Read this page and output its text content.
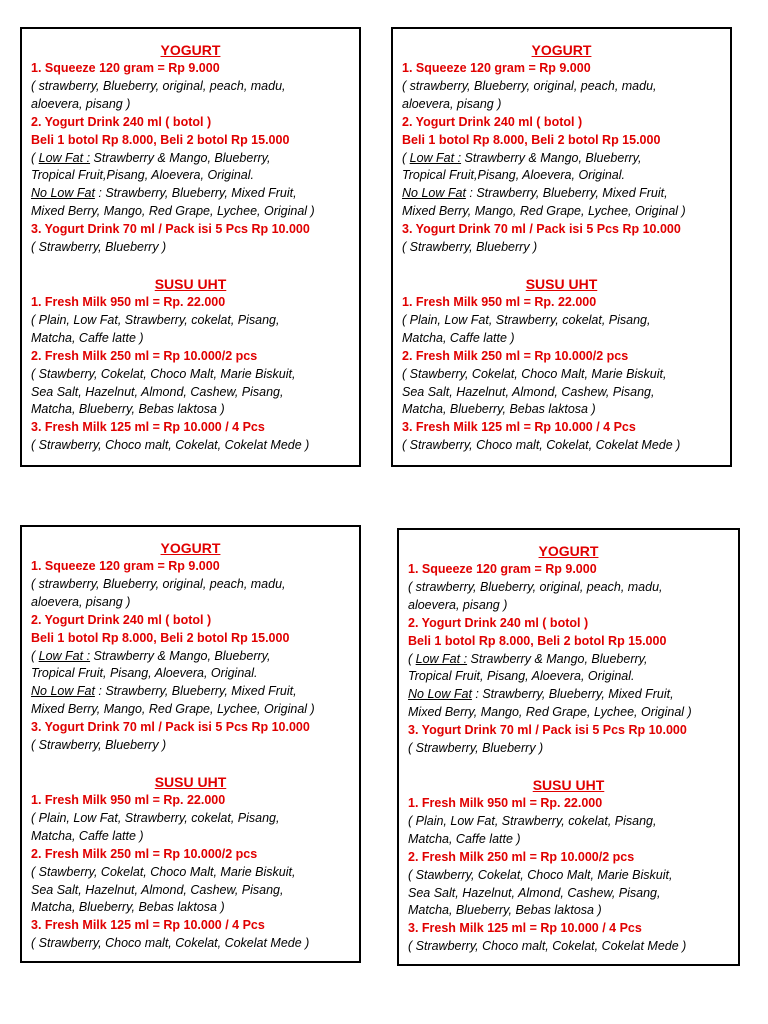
YOGURT
1. Squeeze 120 gram = Rp 9.000
( strawberry, Blueberry, original, peach, madu,
aloevera, pisang )
2. Yogurt Drink 240 ml ( botol )
Beli 1 botol Rp 8.000, Beli 2 botol Rp 15.000
( Low Fat : Strawberry & Mango, Blueberry,
Tropical Fruit,Pisang, Aloevera, Original.
No Low Fat : Strawberry, Blueberry, Mixed Fruit,
Mixed Berry, Mango, Red Grape, Lychee, Original )
3. Yogurt Drink 70 ml / Pack isi 5 Pcs Rp 10.000
( Strawberry, Blueberry )
SUSU UHT
1. Fresh Milk 950 ml = Rp. 22.000
( Plain, Low Fat, Strawberry, cokelat, Pisang,
Matcha, Caffe latte )
2. Fresh Milk 250 ml = Rp 10.000/2 pcs
( Stawberry, Cokelat, Choco Malt, Marie Biskuit,
Sea Salt, Hazelnut, Almond, Cashew, Pisang,
Matcha, Blueberry, Bebas laktosa )
3. Fresh Milk 125 ml = Rp 10.000 / 4 Pcs
( Strawberry, Choco malt, Cokelat, Cokelat Mede )
YOGURT
1. Squeeze 120 gram = Rp 9.000
( strawberry, Blueberry, original, peach, madu,
aloevera, pisang )
2. Yogurt Drink 240 ml ( botol )
Beli 1 botol Rp 8.000, Beli 2 botol Rp 15.000
( Low Fat : Strawberry & Mango, Blueberry,
Tropical Fruit,Pisang, Aloevera, Original.
No Low Fat : Strawberry, Blueberry, Mixed Fruit,
Mixed Berry, Mango, Red Grape, Lychee, Original )
3. Yogurt Drink 70 ml / Pack isi 5 Pcs Rp 10.000
( Strawberry, Blueberry )
SUSU UHT
1. Fresh Milk 950 ml = Rp. 22.000
( Plain, Low Fat, Strawberry, cokelat, Pisang,
Matcha, Caffe latte )
2. Fresh Milk 250 ml = Rp 10.000/2 pcs
( Stawberry, Cokelat, Choco Malt, Marie Biskuit,
Sea Salt, Hazelnut, Almond, Cashew, Pisang,
Matcha, Blueberry, Bebas laktosa )
3. Fresh Milk 125 ml = Rp 10.000 / 4 Pcs
( Strawberry, Choco malt, Cokelat, Cokelat Mede )
YOGURT
1. Squeeze 120 gram = Rp 9.000
( strawberry, Blueberry, original, peach, madu,
aloevera, pisang )
2. Yogurt Drink 240 ml ( botol )
Beli 1 botol Rp 8.000, Beli 2 botol Rp 15.000
( Low Fat : Strawberry & Mango, Blueberry,
Tropical Fruit, Pisang, Aloevera, Original.
No Low Fat : Strawberry, Blueberry, Mixed Fruit,
Mixed Berry, Mango, Red Grape, Lychee, Original )
3. Yogurt Drink 70 ml / Pack isi 5 Pcs Rp 10.000
( Strawberry, Blueberry )
SUSU UHT
1. Fresh Milk 950 ml = Rp. 22.000
( Plain, Low Fat, Strawberry, cokelat, Pisang,
Matcha, Caffe latte )
2. Fresh Milk 250 ml = Rp 10.000/2 pcs
( Stawberry, Cokelat, Choco Malt, Marie Biskuit,
Sea Salt, Hazelnut, Almond, Cashew, Pisang,
Matcha, Blueberry, Bebas laktosa )
3. Fresh Milk 125 ml = Rp 10.000 / 4 Pcs
( Strawberry, Choco malt, Cokelat, Cokelat Mede )
YOGURT
1. Squeeze 120 gram = Rp 9.000
( strawberry, Blueberry, original, peach, madu,
aloevera, pisang )
2. Yogurt Drink 240 ml ( botol )
Beli 1 botol Rp 8.000, Beli 2 botol Rp 15.000
( Low Fat : Strawberry & Mango, Blueberry,
Tropical Fruit, Pisang, Aloevera, Original.
No Low Fat : Strawberry, Blueberry, Mixed Fruit,
Mixed Berry, Mango, Red Grape, Lychee, Original )
3. Yogurt Drink 70 ml / Pack isi 5 Pcs Rp 10.000
( Strawberry, Blueberry )
SUSU UHT
1. Fresh Milk 950 ml = Rp. 22.000
( Plain, Low Fat, Strawberry, cokelat, Pisang,
Matcha, Caffe latte )
2. Fresh Milk 250 ml = Rp 10.000/2 pcs
( Stawberry, Cokelat, Choco Malt, Marie Biskuit,
Sea Salt, Hazelnut, Almond, Cashew, Pisang,
Matcha, Blueberry, Bebas laktosa )
3. Fresh Milk 125 ml = Rp 10.000 / 4 Pcs
( Strawberry, Choco malt, Cokelat, Cokelat Mede )
